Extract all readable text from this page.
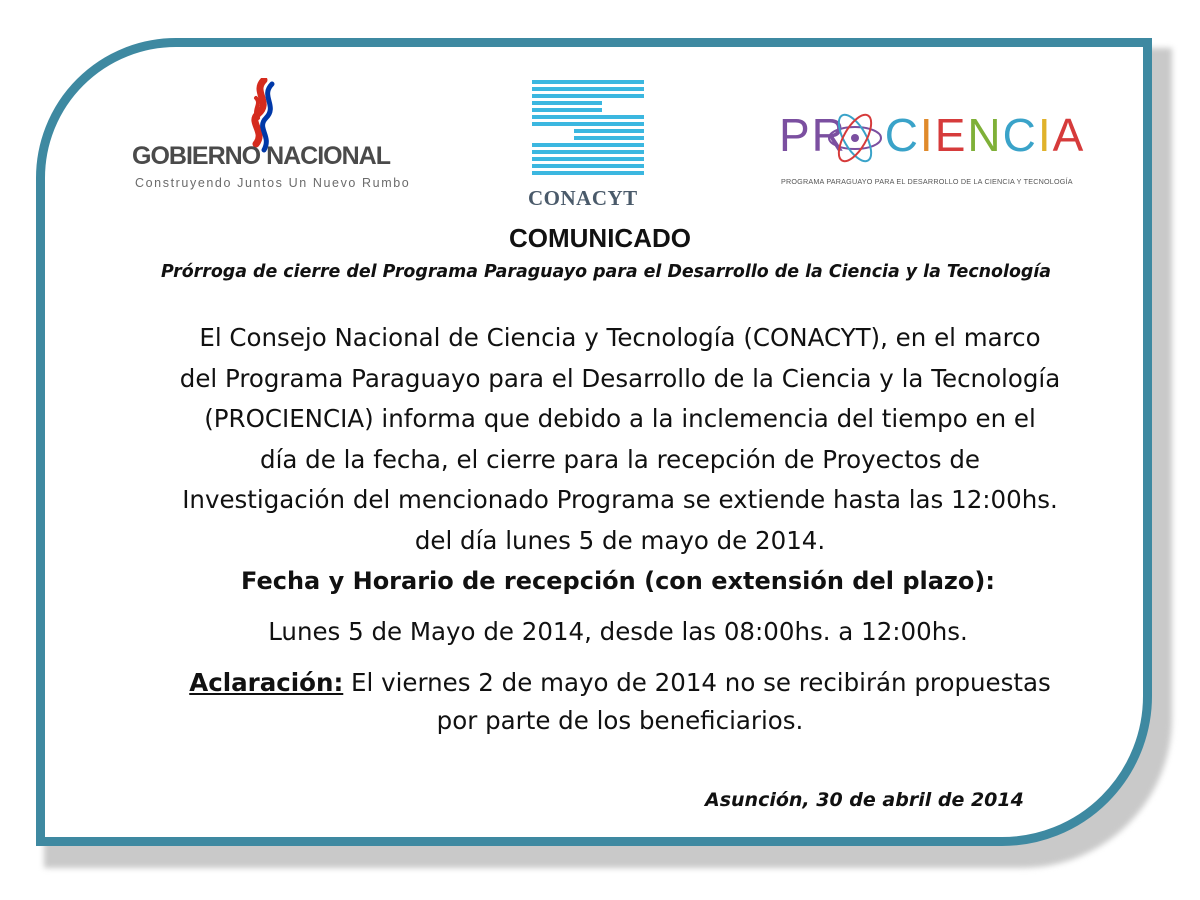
GOBIERNO NACIONAL
Construyendo Juntos Un Nuevo Rumbo
CONACYT
PR CIENCIA
PROGRAMA PARAGUAYO PARA EL DESARROLLO DE LA CIENCIA Y TECNOLOGÍA
COMUNICADO
Prórroga de cierre del Programa Paraguayo para el Desarrollo de la Ciencia y la Tecnología
El Consejo Nacional de Ciencia y Tecnología (CONACYT), en el marco
del Programa Paraguayo para el Desarrollo de la Ciencia y la Tecnología
(PROCIENCIA) informa que debido a la inclemencia del tiempo en el
día de la fecha, el cierre para la recepción de Proyectos de
Investigación del mencionado Programa se extiende hasta las 12:00hs.
del día lunes 5 de mayo de 2014.
Fecha y Horario de recepción (con extensión del plazo):
Lunes 5 de Mayo de 2014, desde las 08:00hs. a 12:00hs.
Aclaración: El viernes 2 de mayo de 2014 no se recibirán propuestas
por parte de los beneficiarios.
Asunción, 30 de abril de 2014
